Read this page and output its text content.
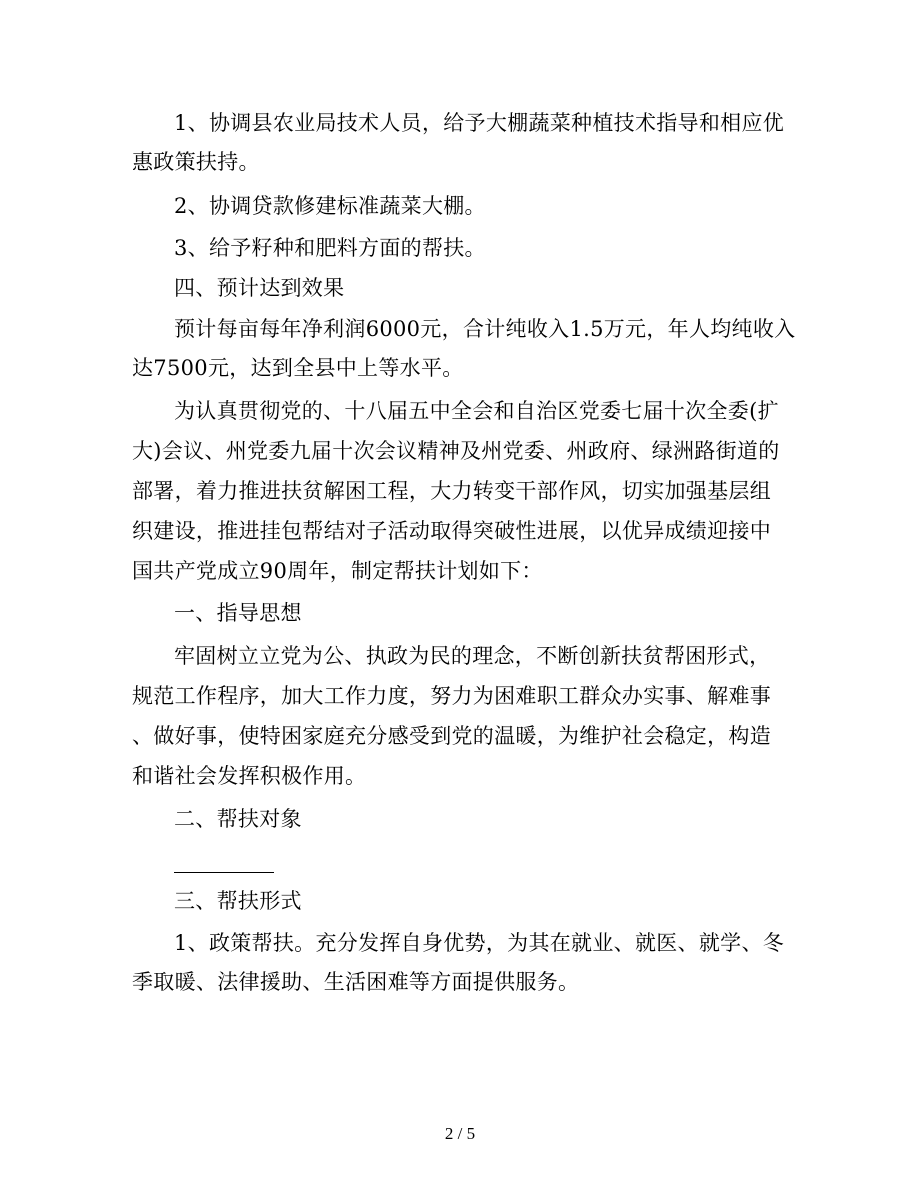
1、协调县农业局技术人员，给予大棚蔬菜种植技术指导和相应优
惠政策扶持。
2、协调贷款修建标准蔬菜大棚。
3、给予籽种和肥料方面的帮扶。
四、预计达到效果
预计每亩每年净利润6000元，合计纯收入1.5万元，年人均纯收入
达7500元，达到全县中上等水平。
为认真贯彻党的、十八届五中全会和自治区党委七届十次全委(扩
大)会议、州党委九届十次会议精神及州党委、州政府、绿洲路街道的
部署，着力推进扶贫解困工程，大力转变干部作风，切实加强基层组
织建设，推进挂包帮结对子活动取得突破性进展，以优异成绩迎接中
国共产党成立90周年，制定帮扶计划如下：
一、指导思想
牢固树立立党为公、执政为民的理念，不断创新扶贫帮困形式，
规范工作程序，加大工作力度，努力为困难职工群众办实事、解难事
、做好事，使特困家庭充分感受到党的温暖，为维护社会稳定，构造
和谐社会发挥积极作用。
二、帮扶对象
三、帮扶形式
1、政策帮扶。充分发挥自身优势，为其在就业、就医、就学、冬
季取暖、法律援助、生活困难等方面提供服务。
2 / 5
